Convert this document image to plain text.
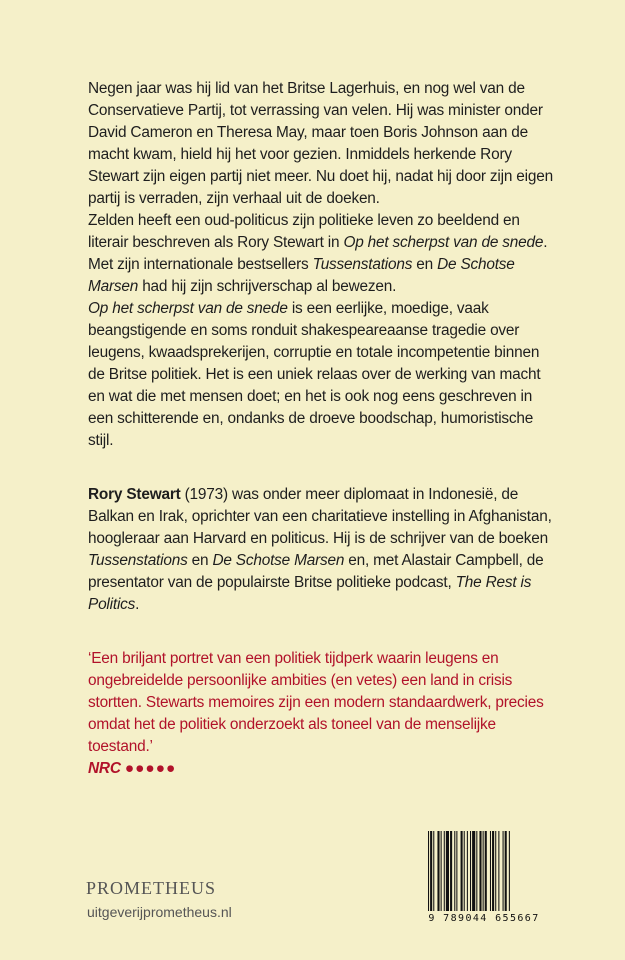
Negen jaar was hij lid van het Britse Lagerhuis, en nog wel van de Conservatieve Partij, tot verrassing van velen. Hij was minister onder David Cameron en Theresa May, maar toen Boris Johnson aan de macht kwam, hield hij het voor gezien. Inmiddels herkende Rory Stewart zijn eigen partij niet meer. Nu doet hij, nadat hij door zijn eigen partij is verraden, zijn verhaal uit de doeken.

Zelden heeft een oud-politicus zijn politieke leven zo beeldend en literair beschreven als Rory Stewart in Op het scherpst van de snede. Met zijn internationale bestsellers Tussenstations en De Schotse Marsen had hij zijn schrijverschap al bewezen.

Op het scherpst van de snede is een eerlijke, moedige, vaak beangstigende en soms ronduit shakespeareaanse tragedie over leugens, kwaadsprekerijen, corruptie en totale incompetentie binnen de Britse politiek. Het is een uniek relaas over de werking van macht en wat die met mensen doet; en het is ook nog eens geschreven in een schitterende en, ondanks de droeve boodschap, humoristische stijl.

Rory Stewart (1973) was onder meer diplomaat in Indonesië, de Balkan en Irak, oprichter van een charitatieve instelling in Afghanistan, hoogleraar aan Harvard en politicus. Hij is de schrijver van de boeken Tussenstations en De Schotse Marsen en, met Alastair Campbell, de presentator van de populairste Britse politieke podcast, The Rest is Politics.

‘Een briljant portret van een politiek tijdperk waarin leugens en ongebreidelde persoonlijke ambities (en vetes) een land in crisis stortten. Stewarts memoires zijn een modern standaardwerk, precies omdat het de politiek onderzoekt als toneel van de menselijke toestand.’

NRC ●●●●●

PROMETHEUS
uitgeverijprometheus.nl	9 789044 655667
